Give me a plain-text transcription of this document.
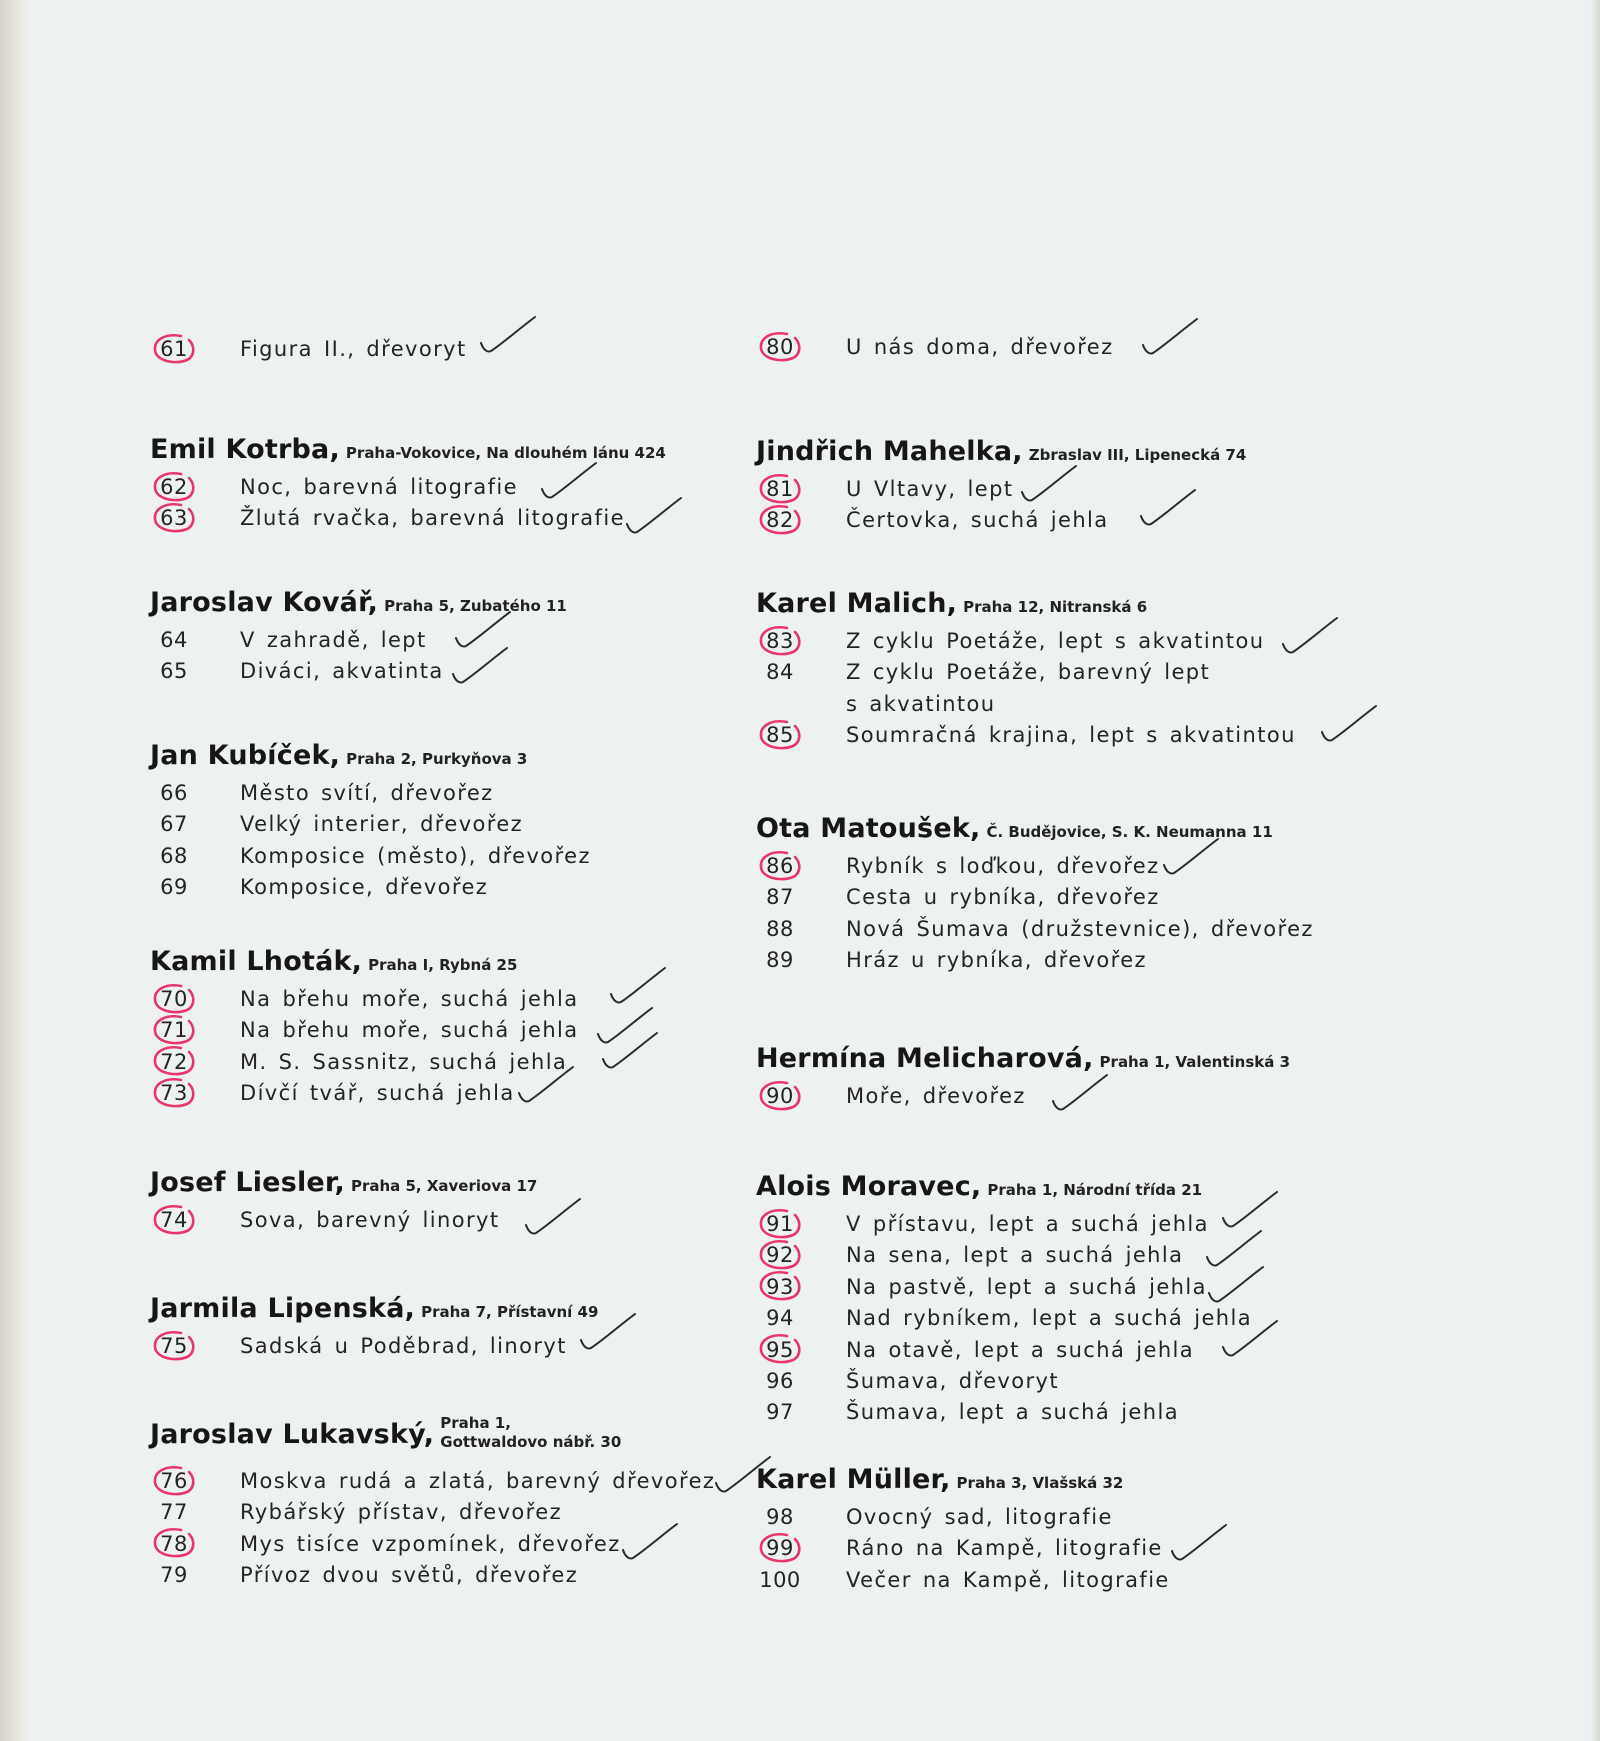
61	Figura II., dřevoryt
Emil Kotrba, Praha-Vokovice, Na dlouhém lánu 424
62	Noc, barevná litografie
63	Žlutá rvačka, barevná litografie
Jaroslav Kovář, Praha 5, Zubatého 11
64	V zahradě, lept
65	Diváci, akvatinta
Jan Kubíček, Praha 2, Purkyňova 3
66	Město svítí, dřevořez
67	Velký interier, dřevořez
68	Komposice (město), dřevořez
69	Komposice, dřevořez
Kamil Lhoták, Praha I, Rybná 25
70	Na břehu moře, suchá jehla
71	Na břehu moře, suchá jehla
72	M. S. Sassnitz, suchá jehla
73	Dívčí tvář, suchá jehla
Josef Liesler, Praha 5, Xaveriova 17
74	Sova, barevný linoryt
Jarmila Lipenská, Praha 7, Přístavní 49
75	Sadská u Poděbrad, linoryt
Jaroslav Lukavský, Praha 1,
Gottwaldovo nábř. 30
76	Moskva rudá a zlatá, barevný dřevořez
77	Rybářský přístav, dřevořez
78	Mys tisíce vzpomínek, dřevořez
79	Přívoz dvou světů, dřevořez
80	U nás doma, dřevořez
Jindřich Mahelka, Zbraslav III, Lipenecká 74
81	U Vltavy, lept
82	Čertovka, suchá jehla
Karel Malich, Praha 12, Nitranská 6
83	Z cyklu Poetáže, lept s akvatintou
84	Z cyklu Poetáže, barevný lept
s akvatintou
85	Soumračná krajina, lept s akvatintou
Ota Matoušek, Č. Budějovice, S. K. Neumanna 11
86	Rybník s loďkou, dřevořez
87	Cesta u rybníka, dřevořez
88	Nová Šumava (družstevnice), dřevořez
89	Hráz u rybníka, dřevořez
Hermína Melicharová, Praha 1, Valentinská 3
90	Moře, dřevořez
Alois Moravec, Praha 1, Národní třída 21
91	V přístavu, lept a suchá jehla
92	Na sena, lept a suchá jehla
93	Na pastvě, lept a suchá jehla
94	Nad rybníkem, lept a suchá jehla
95	Na otavě, lept a suchá jehla
96	Šumava, dřevoryt
97	Šumava, lept a suchá jehla
Karel Müller, Praha 3, Vlašská 32
98	Ovocný sad, litografie
99	Ráno na Kampě, litografie
100 Večer na Kampě, litografie
